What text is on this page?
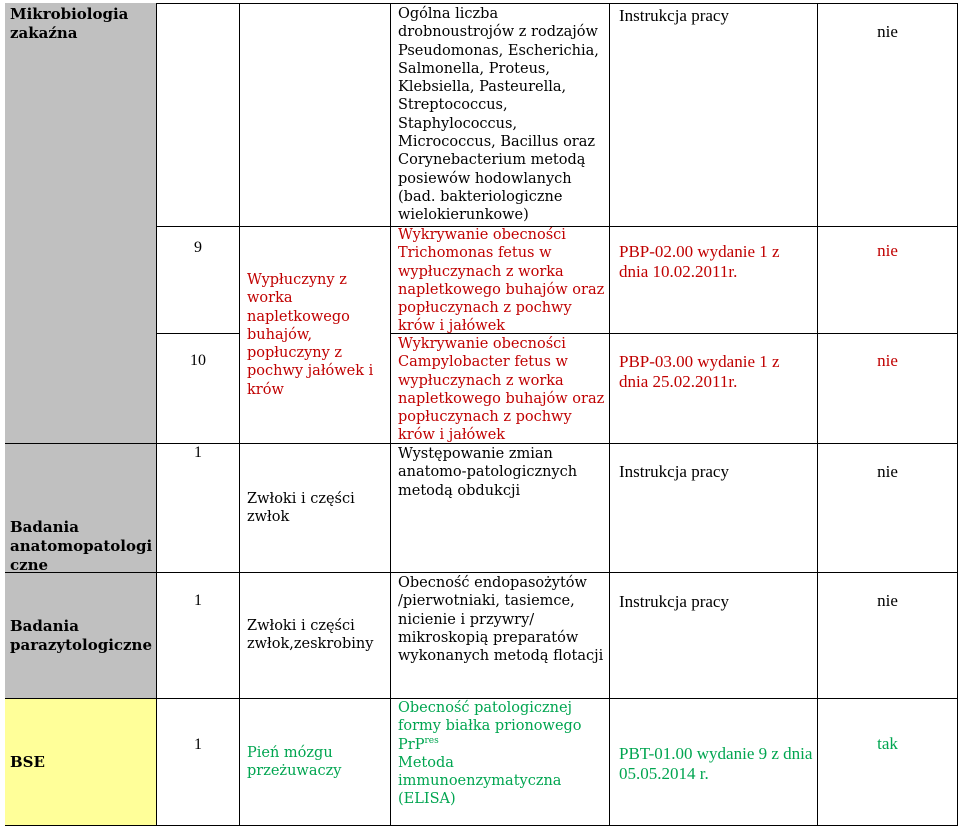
Mikrobiologia zakaźna
Badania anatomopatologi czne
Badania parazytologiczne
BSE
9
10
1
1
1
Wypłuczyny z worka napletkowego buhajów, popłuczyny z pochwy jałówek i krów
Zwłoki i części zwłok
Zwłoki i części zwłok,zeskrobiny
Pień mózgu przeżuwaczy
Ogólna liczba drobnoustrojów z rodzajów Pseudomonas, Escherichia, Salmonella, Proteus, Klebsiella, Pasteurella, Streptococcus, Staphylococcus, Micrococcus, Bacillus oraz Corynebacterium metodą posiewów hodowlanych (bad. bakteriologiczne wielokierunkowe)
Wykrywanie obecności Trichomonas fetus w wypłuczynach z worka napletkowego buhajów oraz popłuczynach z pochwy krów i jałówek
Wykrywanie obecności Campylobacter fetus w wypłuczynach z worka napletkowego buhajów oraz popłuczynach z pochwy krów i jałówek
Występowanie zmian anatomo-patologicznych metodą obdukcji
Obecność endopasożytów /pierwotniaki, tasiemce, nicienie i przywry/ mikroskopią preparatów wykonanych metodą flotacji
Obecność patologicznej formy białka prionowego PrP$^{res}$
Metoda immunoenzymatyczna (ELISA)
Instrukcja pracy
PBP-02.00 wydanie 1 z dnia 10.02.2011r.
PBP-03.00 wydanie 1 z dnia 25.02.2011r.
Instrukcja pracy
Instrukcja pracy
PBT-01.00 wydanie 9 z dnia 05.05.2014 r.
nie
nie
nie
nie
nie
tak
